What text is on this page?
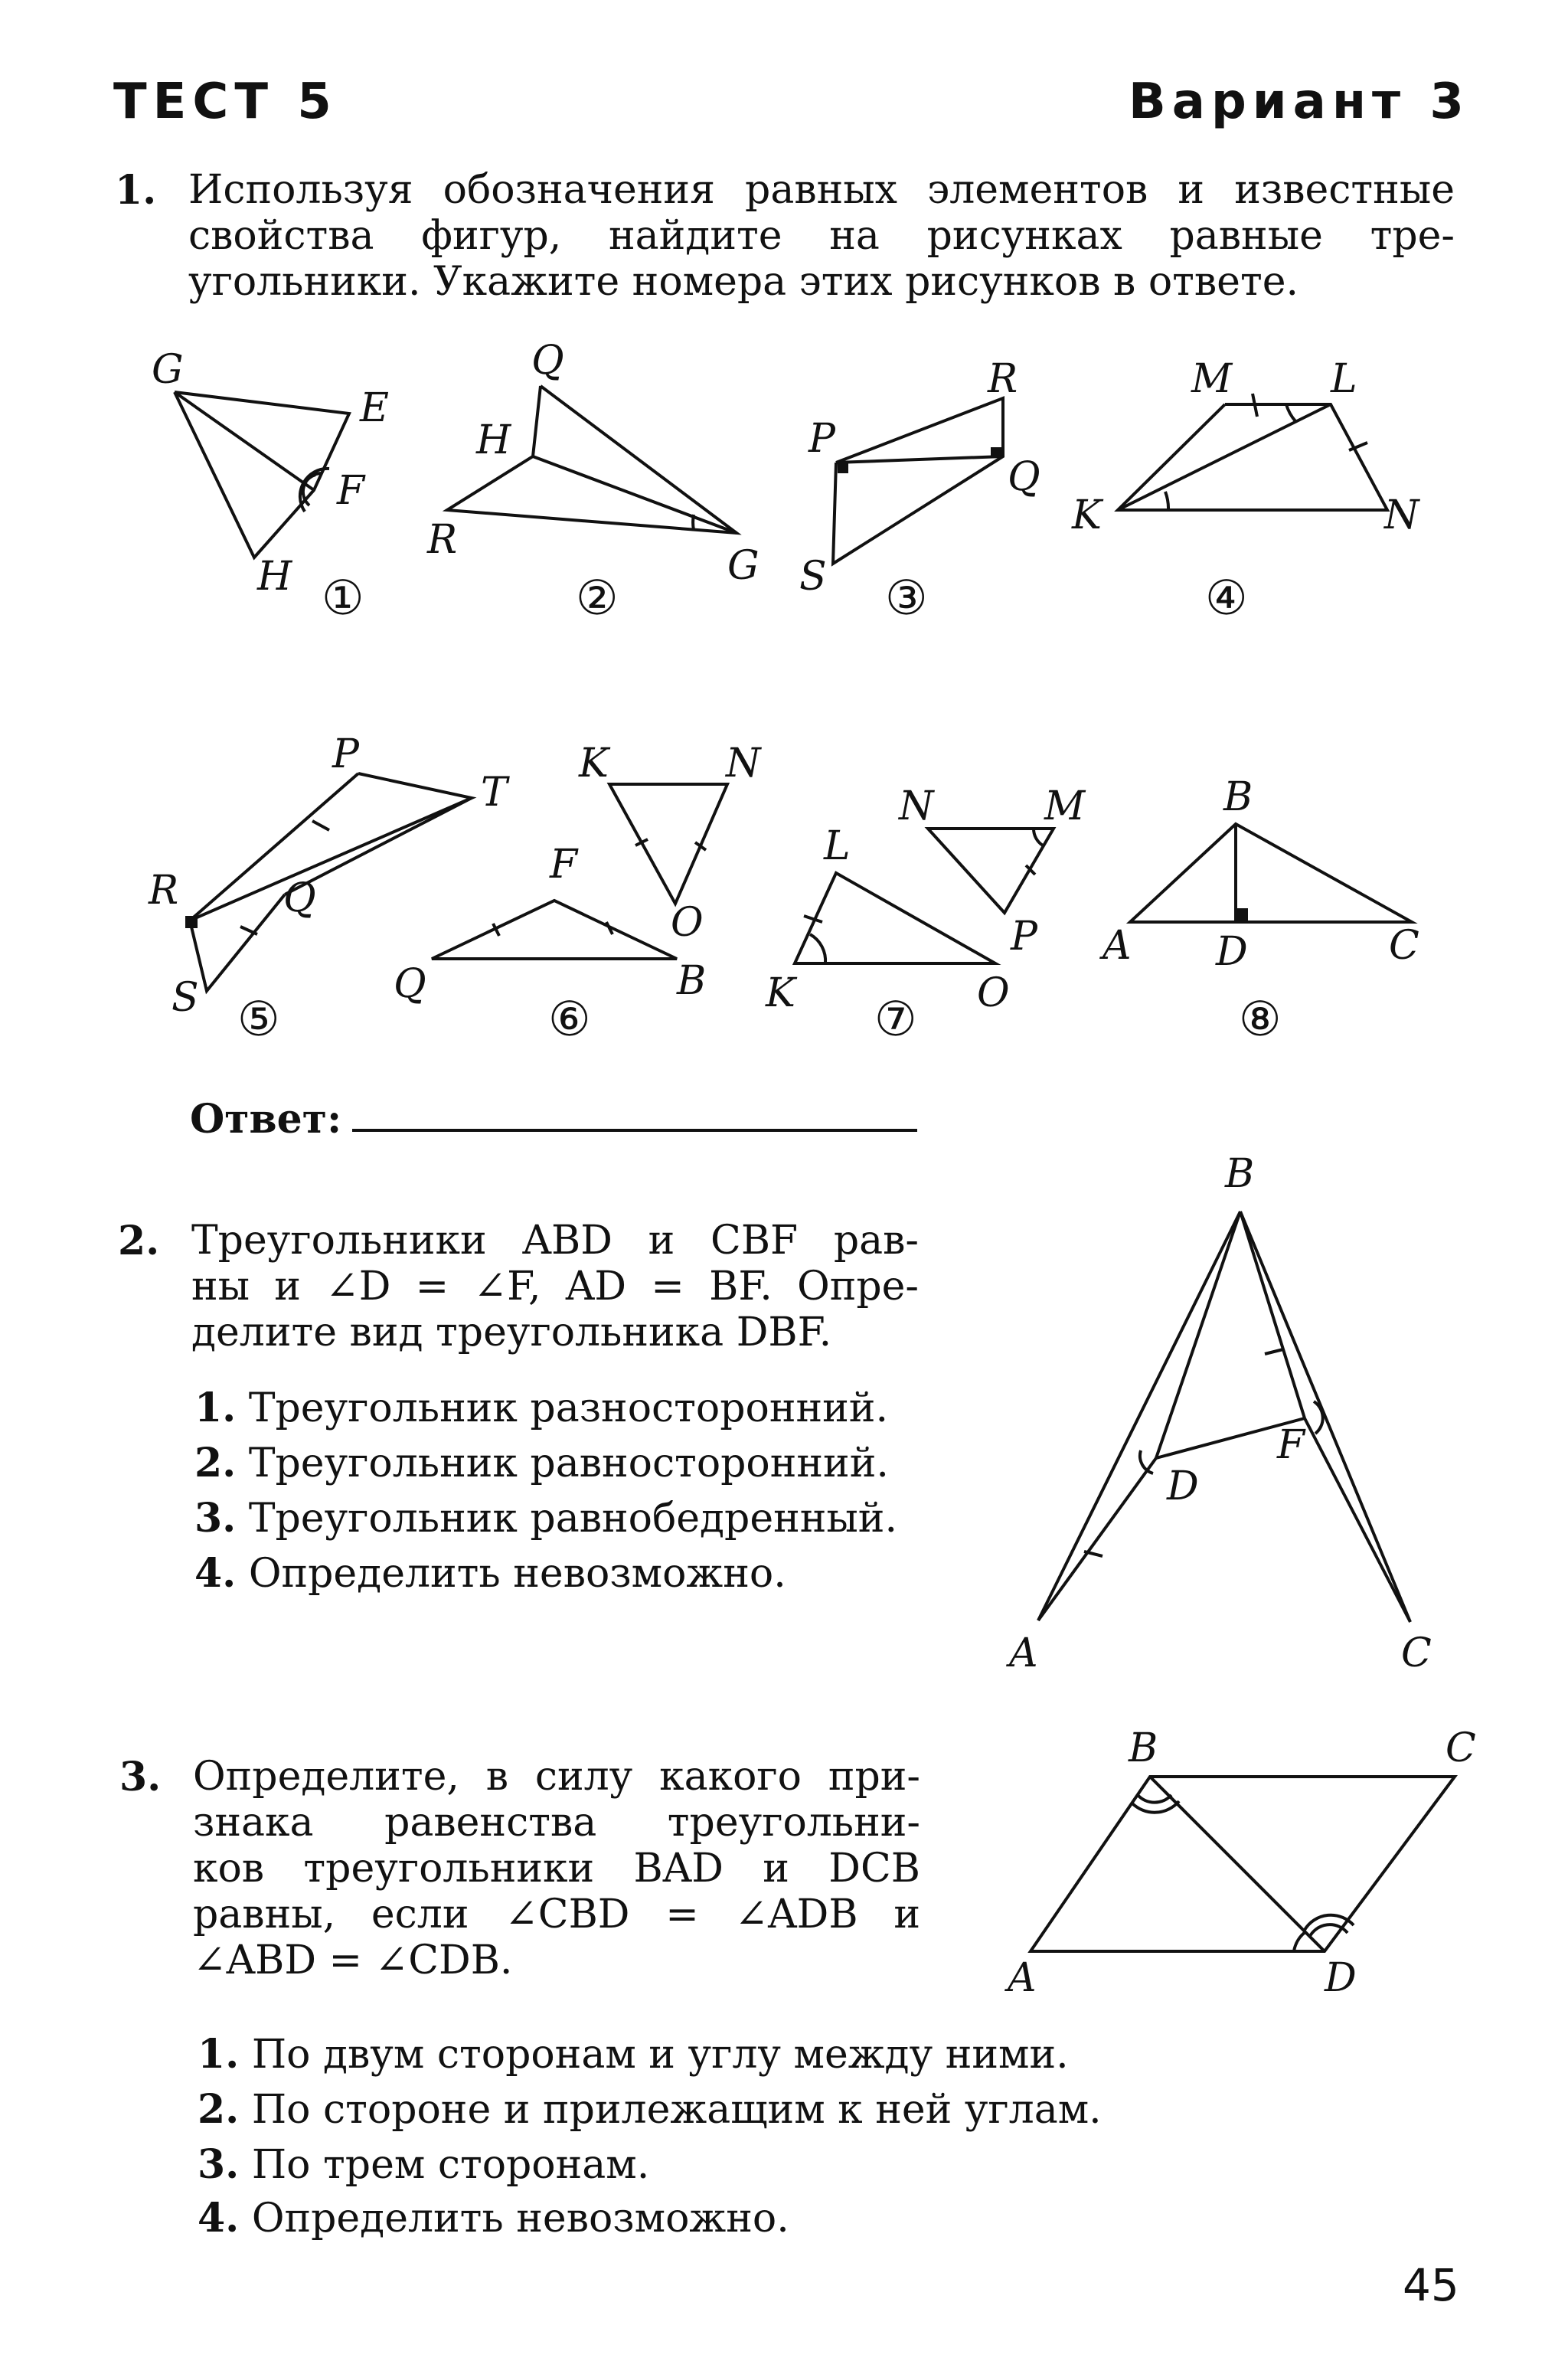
ТЕСТ 5	Вариант 3
1. Используя обозначения равных элементов и известные
свойства фигур, найдите на рисунках равные тре-
угольники. Укажите номера этих рисунков в ответе.
G
E
F
H ①
Q
H
R
G
②
R
P
Q
S ③
M L
K	N
④
P
T
R	Q
S ⑤
F
Q	B
⑥
K	N
O
N	M
L
K	O
P
⑦
B
A D	C
⑧
Ответ:
2. Треугольники ABD и CBF рав-
ны и ∠D = ∠F, AD = BF. Опре-
делите вид треугольника DBF.
1. Треугольник разносторонний.
2. Треугольник равносторонний.
3. Треугольник равнобедренный.
4. Определить невозможно.
B
D
F
A	C
3. Определите, в силу какого при-
знака равенства треугольни-
ков треугольники BAD и DCB
равны, если ∠CBD = ∠ADB и
∠ABD = ∠CDB.
B	C
A	D
1. По двум сторонам и углу между ними.
2. По стороне и прилежащим к ней углам.
3. По трем сторонам.
4. Определить невозможно.
45
